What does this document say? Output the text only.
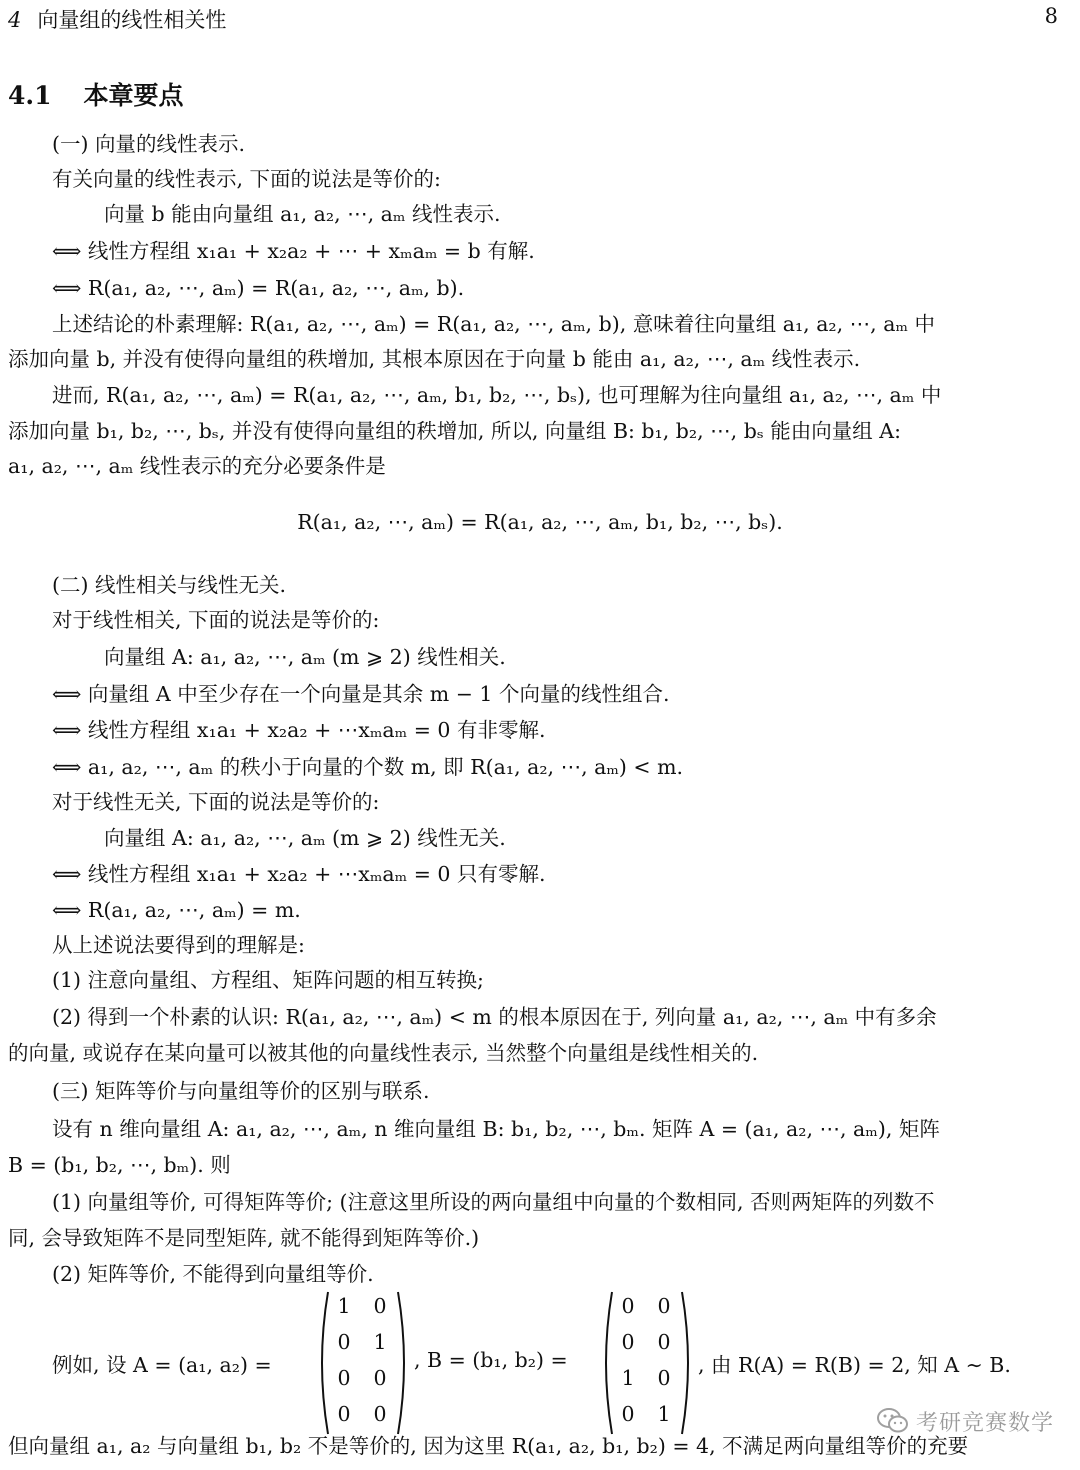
4 向量组的线性相关性	8
4.1 本章要点
(一) 向量的线性表示.
有关向量的线性表示, 下面的说法是等价的:
向量 b 能由向量组 a₁, a₂, ⋯, aₘ 线性表示.
⟺ 线性方程组 x₁a₁ + x₂a₂ + ⋯ + xₘaₘ = b 有解.
⟺ R(a₁, a₂, ⋯, aₘ) = R(a₁, a₂, ⋯, aₘ, b).
上述结论的朴素理解: R(a₁, a₂, ⋯, aₘ) = R(a₁, a₂, ⋯, aₘ, b), 意味着往向量组 a₁, a₂, ⋯, aₘ 中
添加向量 b, 并没有使得向量组的秩增加, 其根本原因在于向量 b 能由 a₁, a₂, ⋯, aₘ 线性表示.
进而, R(a₁, a₂, ⋯, aₘ) = R(a₁, a₂, ⋯, aₘ, b₁, b₂, ⋯, bₛ), 也可理解为往向量组 a₁, a₂, ⋯, aₘ 中
添加向量 b₁, b₂, ⋯, bₛ, 并没有使得向量组的秩增加, 所以, 向量组 B: b₁, b₂, ⋯, bₛ 能由向量组 A:
a₁, a₂, ⋯, aₘ 线性表示的充分必要条件是
R(a₁, a₂, ⋯, aₘ) = R(a₁, a₂, ⋯, aₘ, b₁, b₂, ⋯, bₛ).
(二) 线性相关与线性无关.
对于线性相关, 下面的说法是等价的:
向量组 A: a₁, a₂, ⋯, aₘ (m ⩾ 2) 线性相关.
⟺ 向量组 A 中至少存在一个向量是其余 m − 1 个向量的线性组合.
⟺ 线性方程组 x₁a₁ + x₂a₂ + ⋯xₘaₘ = 0 有非零解.
⟺ a₁, a₂, ⋯, aₘ 的秩小于向量的个数 m, 即 R(a₁, a₂, ⋯, aₘ) < m.
对于线性无关, 下面的说法是等价的:
向量组 A: a₁, a₂, ⋯, aₘ (m ⩾ 2) 线性无关.
⟺ 线性方程组 x₁a₁ + x₂a₂ + ⋯xₘaₘ = 0 只有零解.
⟺ R(a₁, a₂, ⋯, aₘ) = m.
从上述说法要得到的理解是:
(1) 注意向量组、方程组、矩阵问题的相互转换;
(2) 得到一个朴素的认识: R(a₁, a₂, ⋯, aₘ) < m 的根本原因在于, 列向量 a₁, a₂, ⋯, aₘ 中有多余
的向量, 或说存在某向量可以被其他的向量线性表示, 当然整个向量组是线性相关的.
(三) 矩阵等价与向量组等价的区别与联系.
设有 n 维向量组 A: a₁, a₂, ⋯, aₘ, n 维向量组 B: b₁, b₂, ⋯, bₘ. 矩阵 A = (a₁, a₂, ⋯, aₘ), 矩阵
B = (b₁, b₂, ⋯, bₘ). 则
(1) 向量组等价, 可得矩阵等价; (注意这里所设的两向量组中向量的个数相同, 否则两矩阵的列数不
同, 会导致矩阵不是同型矩阵, 就不能得到矩阵等价.)
(2) 矩阵等价, 不能得到向量组等价.
例如, 设 A = (a₁, a₂) =
1 0
0 1
0 0
0 0
, B = (b₁, b₂) =
0 0
0 0
1 0
0 1
, 由 R(A) = R(B) = 2, 知 A ∼ B.
但向量组 a₁, a₂ 与向量组 b₁, b₂ 不是等价的, 因为这里 R(a₁, a₂, b₁, b₂) = 4, 不满足两向量组等价的充要
考研竞赛数学
